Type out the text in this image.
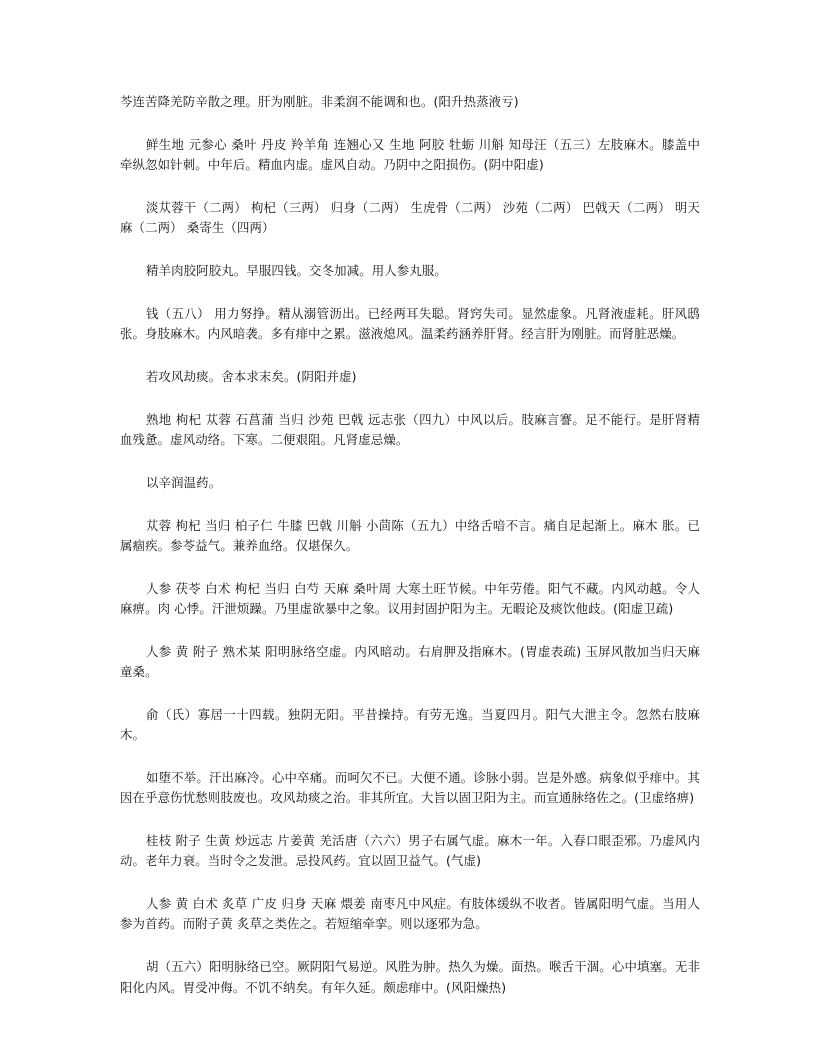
芩连苦降羌防辛散之理。肝为刚脏。非柔润不能调和也。(阳升热蒸液亏)

鲜生地 元参心 桑叶 丹皮 羚羊角 连翘心又 生地 阿胶 牡蛎 川斛 知母汪（五三）左肢麻木。膝盖中牵纵忽如针刺。中年后。精血内虚。虚风自动。乃阴中之阳损伤。(阴中阳虚)

淡苁蓉干（二两） 枸杞（三两） 归身（二两） 生虎骨（二两） 沙苑（二两） 巴戟天（二两） 明天麻（二两） 桑寄生（四两）

精羊肉胶阿胶丸。早服四钱。交冬加减。用人参丸服。

钱（五八） 用力努挣。精从溺管沥出。已经两耳失聪。肾窍失司。显然虚象。凡肾液虚耗。肝风鸱张。身肢麻木。内风暗袭。多有痱中之累。滋液熄风。温柔药涵养肝肾。经言肝为刚脏。而肾脏恶燥。

若攻风劫痰。舍本求末矣。(阴阳并虚)

熟地 枸杞 苁蓉 石菖蒲 当归 沙苑 巴戟 远志张（四九）中风以后。肢麻言謇。足不能行。是肝肾精血残惫。虚风动络。下寒。二便艰阻。凡肾虚忌燥。

以辛润温药。

苁蓉 枸杞 当归 柏子仁 牛膝 巴戟 川斛 小茴陈（五九）中络舌喑不言。痛自足起渐上。麻木 胀。已属痼疾。参苓益气。兼养血络。仅堪保久。

人参 茯苓 白术 枸杞 当归 白芍 天麻 桑叶周 大寒土旺节候。中年劳倦。阳气不藏。内风动越。令人麻痹。肉 心悸。汗泄烦躁。乃里虚欲暴中之象。议用封固护阳为主。无暇论及痰饮他歧。(阳虚卫疏)

人参 黄 附子 熟术某 阳明脉络空虚。内风暗动。右肩胛及指麻木。(胃虚表疏) 玉屏风散加当归天麻童桑。

俞（氏）寡居一十四载。独阴无阳。平昔操持。有劳无逸。当夏四月。阳气大泄主令。忽然右肢麻木。

如堕不举。汗出麻冷。心中卒痛。而呵欠不已。大便不通。诊脉小弱。岂是外感。病象似乎痱中。其因在乎意伤忧愁则肢废也。攻风劫痰之治。非其所宜。大旨以固卫阳为主。而宣通脉络佐之。(卫虚络痹)

桂枝 附子 生黄 炒远志 片姜黄 羌活唐（六六）男子右属气虚。麻木一年。入春口眼歪邪。乃虚风内动。老年力衰。当时令之发泄。忌投风药。宜以固卫益气。(气虚)

人参 黄 白术 炙草 广皮 归身 天麻 煨姜 南枣凡中风症。有肢体缓纵不收者。皆属阳明气虚。当用人参为首药。而附子黄 炙草之类佐之。若短缩牵挛。则以逐邪为急。

胡（五六）阳明脉络已空。厥阴阳气易逆。风胜为肿。热久为燥。面热。喉舌干涸。心中填塞。无非阳化内风。胃受冲侮。不饥不纳矣。有年久延。颇虑痱中。(风阳燥热)
